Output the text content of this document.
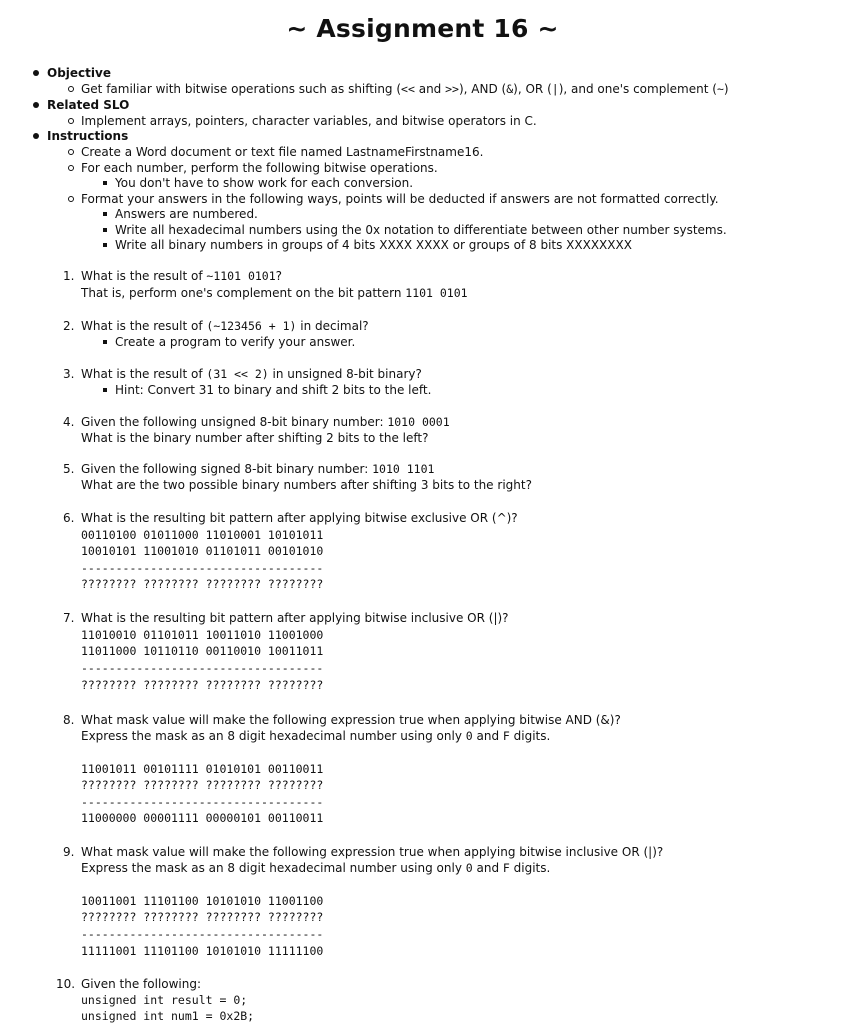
~ Assignment 16 ~
Objective
Get familiar with bitwise operations such as shifting (<< and >>), AND (&), OR (|), and one's complement (~)
Related SLO
Implement arrays, pointers, character variables, and bitwise operators in C.
Instructions
Create a Word document or text file named LastnameFirstname16.
For each number, perform the following bitwise operations.
You don't have to show work for each conversion.
Format your answers in the following ways, points will be deducted if answers are not formatted correctly.
Answers are numbered.
Write all hexadecimal numbers using the 0x notation to differentiate between other number systems.
Write all binary numbers in groups of 4 bits XXXX XXXX or groups of 8 bits XXXXXXXX
1. What is the result of ~1101 0101?
That is, perform one's complement on the bit pattern 1101 0101
2. What is the result of (~123456 + 1) in decimal?
Create a program to verify your answer.
3. What is the result of (31 << 2) in unsigned 8-bit binary?
Hint: Convert 31 to binary and shift 2 bits to the left.
4. Given the following unsigned 8-bit binary number: 1010 0001
What is the binary number after shifting 2 bits to the left?
5. Given the following signed 8-bit binary number: 1010 1101
What are the two possible binary numbers after shifting 3 bits to the right?
6. What is the resulting bit pattern after applying bitwise exclusive OR (^)?
00110100 01011000 11010001 10101011
10010101 11001010 01101011 00101010
-----------------------------------
???????? ???????? ???????? ????????
7. What is the resulting bit pattern after applying bitwise inclusive OR (|)?
11010010 01101011 10011010 11001000
11011000 10110110 00110010 10011011
-----------------------------------
???????? ???????? ???????? ????????
8. What mask value will make the following expression true when applying bitwise AND (&)?
Express the mask as an 8 digit hexadecimal number using only 0 and F digits.
11001011 00101111 01010101 00110011
???????? ???????? ???????? ????????
-----------------------------------
11000000 00001111 00000101 00110011
9. What mask value will make the following expression true when applying bitwise inclusive OR (|)?
Express the mask as an 8 digit hexadecimal number using only 0 and F digits.
10011001 11101100 10101010 11001100
???????? ???????? ???????? ????????
-----------------------------------
11111001 11101100 10101010 11111100
10. Given the following:
unsigned int result = 0;
unsigned int num1 = 0x2B;
